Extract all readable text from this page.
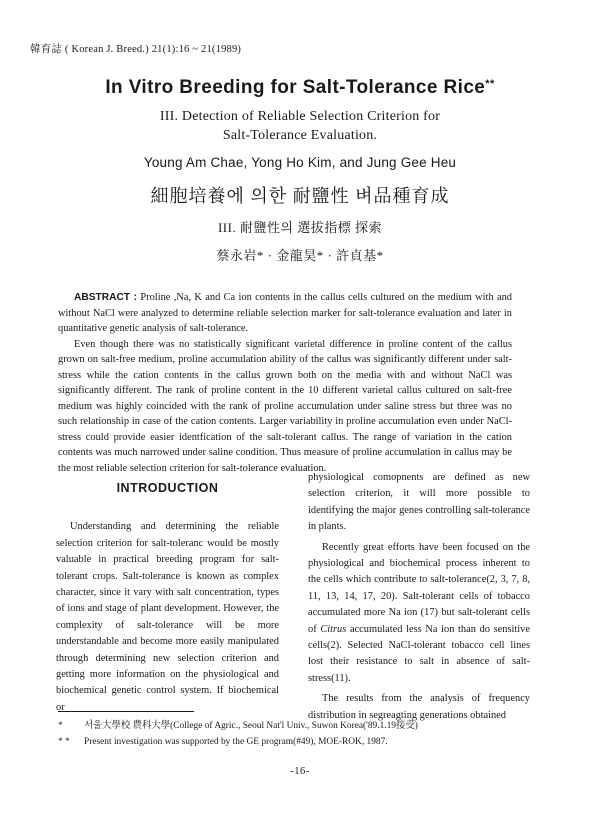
韓育誌 ( Korean J. Breed.) 21(1):16 ~ 21(1989)
In Vitro Breeding for Salt-Tolerance Rice**
III. Detection of Reliable Selection Criterion for
Salt-Tolerance Evaluation.
Young Am Chae, Yong Ho Kim, and Jung Gee Heu
細胞培養에 의한 耐鹽性 벼品種育成
III. 耐鹽性의 選拔指標 探索
蔡永岩* · 金龍昊* · 許貞基*

ABSTRACT : Proline ,Na, K and Ca ion contents in the callus cells cultured on the medium with and without NaCl were analyzed to determine reliable selection marker for salt-tolerance evaluation and later in quantitative genetic analysis of salt-tolerance.

Even though there was no statistically significant varietal difference in proline content of the callus grown on salt-free medium, proline accumulation ability of the callus was significantly different under salt-stress while the cation contents in the callus grown both on the media with and without NaCl was significantly different. The rank of proline content in the 10 different varietal callus cultured on salt-free medium was highly coincided with the rank of proline accumulation under saline stress but three was no such relationship in case of the cation contents. Larger variability in proline accumulation even under NaCl-stress could provide easier identfication of the salt-tolerant callus. The range of variation in the cation contents was much narrowed under saline condition. Thus measure of proline accumulation in callus may be the most reliable selection criterion for salt-tolerance evaluation.

INTRODUCTION

Understanding and determining the reliable selection criterion for salt-toleranc would be mostly valuable in practical breeding program for salt-tolerant crops. Salt-tolerance is known as complex character, since it vary with salt concentration, types of ions and stage of plant development. However, the complexity of salt-tolerance will be more understandable and become more easily manipulated through determining new selection criterion and getting more information on the physiological and biochemical genetic control system. If biochemical or

physiological comopnents are defined as new selection criterion, it will more possible to identifying the major genes controlling salt-tolerance in plants.

Recently great efforts have been focused on the physiological and biochemical process inherent to the cells which contribute to salt-tolerance(2, 3, 7, 8, 11, 13, 14, 17, 20). Salt-tolerant cells of tobacco accumulated more Na ion (17) but salt-tolerant cells of Citrus accumulated less Na ion than do sensitive cells(2). Selected NaCl-tolerant tobacco cell lines lost their resistance to salt in absence of salt-stress(11).

The results from the analysis of frequency distribution in segreagting generations obtained

*	서울大學校 農科大學(College of Agric., Seoul Nat'l Univ., Suwon Korea('89.1.19接受)
* *	Present investigation was supported by the GE program(#49), MOE-ROK, 1987.
-16-
